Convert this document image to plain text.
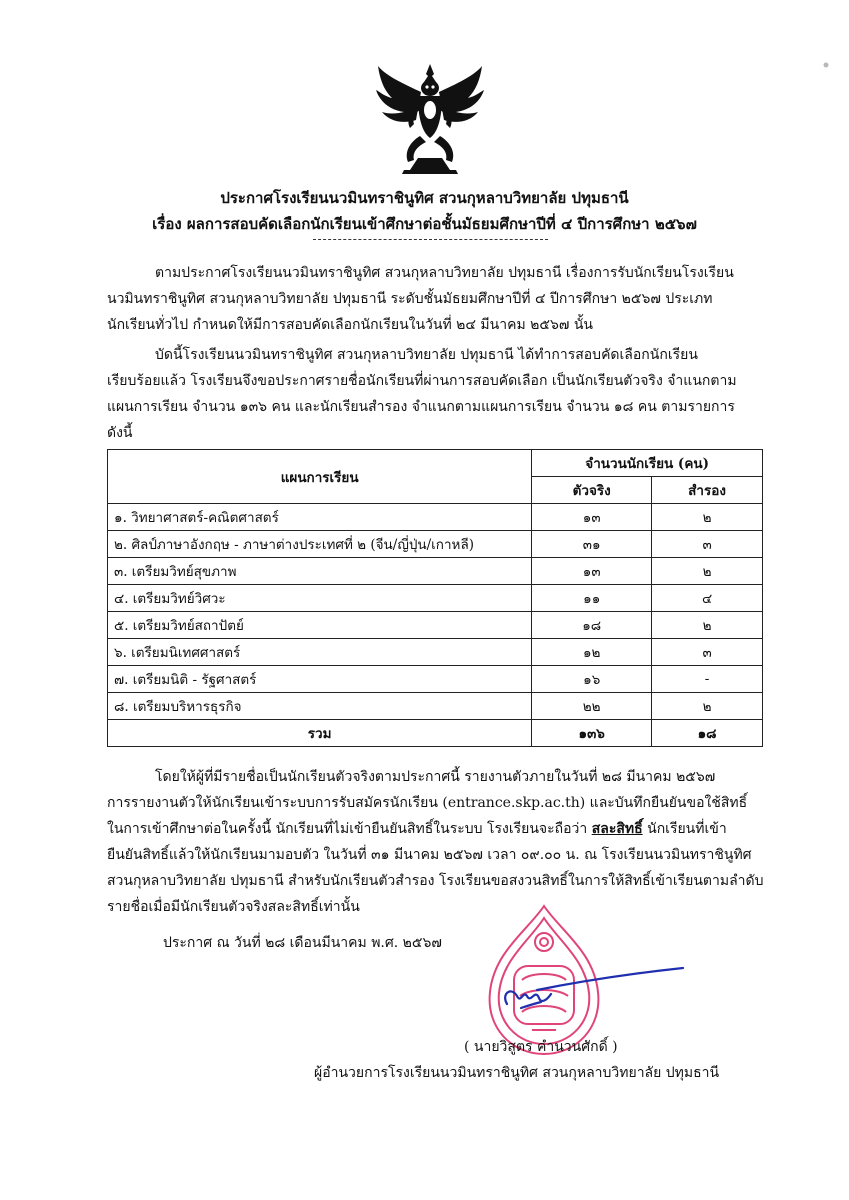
ประกาศโรงเรียนนวมินทราชินูทิศ สวนกุหลาบวิทยาลัย ปทุมธานี
เรื่อง ผลการสอบคัดเลือกนักเรียนเข้าศึกษาต่อชั้นมัธยมศึกษาปีที่ ๔ ปีการศึกษา ๒๕๖๗

ตามประกาศโรงเรียนนวมินทราชินูทิศ สวนกุหลาบวิทยาลัย ปทุมธานี เรื่องการรับนักเรียนโรงเรียน
นวมินทราชินูทิศ สวนกุหลาบวิทยาลัย ปทุมธานี ระดับชั้นมัธยมศึกษาปีที่ ๔ ปีการศึกษา ๒๕๖๗ ประเภท
นักเรียนทั่วไป กำหนดให้มีการสอบคัดเลือกนักเรียนในวันที่ ๒๔ มีนาคม ๒๕๖๗ นั้น

บัดนี้โรงเรียนนวมินทราชินูทิศ สวนกุหลาบวิทยาลัย ปทุมธานี ได้ทำการสอบคัดเลือกนักเรียน
เรียบร้อยแล้ว โรงเรียนจึงขอประกาศรายชื่อนักเรียนที่ผ่านการสอบคัดเลือก เป็นนักเรียนตัวจริง จำแนกตาม
แผนการเรียน จำนวน ๑๓๖ คน และนักเรียนสำรอง จำแนกตามแผนการเรียน จำนวน ๑๘ คน ตามรายการ
ดังนี้

แผนการเรียน	จำนวนนักเรียน (คน)	
	ตัวจริง	สำรอง
๑. วิทยาศาสตร์-คณิตศาสตร์	๑๓	๒
๒. ศิลป์ภาษาอังกฤษ - ภาษาต่างประเทศที่ ๒ (จีน/ญี่ปุ่น/เกาหลี)	๓๑	๓
๓. เตรียมวิทย์สุขภาพ	๑๓	๒
๔. เตรียมวิทย์วิศวะ	๑๑	๔
๕. เตรียมวิทย์สถาปัตย์	๑๘	๒
๖. เตรียมนิเทศศาสตร์	๑๒	๓
๗. เตรียมนิติ - รัฐศาสตร์	๑๖	-
๘. เตรียมบริหารธุรกิจ	๒๒	๒
รวม	๑๓๖	๑๘

โดยให้ผู้ที่มีรายชื่อเป็นนักเรียนตัวจริงตามประกาศนี้ รายงานตัวภายในวันที่ ๒๘ มีนาคม ๒๕๖๗
การรายงานตัวให้นักเรียนเข้าระบบการรับสมัครนักเรียน (entrance.skp.ac.th) และบันทึกยืนยันขอใช้สิทธิ์
ในการเข้าศึกษาต่อในครั้งนี้ นักเรียนที่ไม่เข้ายืนยันสิทธิ์ในระบบ โรงเรียนจะถือว่า สละสิทธิ์ นักเรียนที่เข้า
ยืนยันสิทธิ์แล้วให้นักเรียนมามอบตัว ในวันที่ ๓๑ มีนาคม ๒๕๖๗ เวลา ๐๙.๐๐ น. ณ โรงเรียนนวมินทราชินูทิศ
สวนกุหลาบวิทยาลัย ปทุมธานี สำหรับนักเรียนตัวสำรอง โรงเรียนขอสงวนสิทธิ์ในการให้สิทธิ์เข้าเรียนตามลำดับ
รายชื่อเมื่อมีนักเรียนตัวจริงสละสิทธิ์เท่านั้น

ประกาศ ณ วันที่ ๒๘ เดือนมีนาคม พ.ศ. ๒๕๖๗
( นายวิสูตร คำนวนศักดิ์ )
ผู้อำนวยการโรงเรียนนวมินทราชินูทิศ สวนกุหลาบวิทยาลัย ปทุมธานี
